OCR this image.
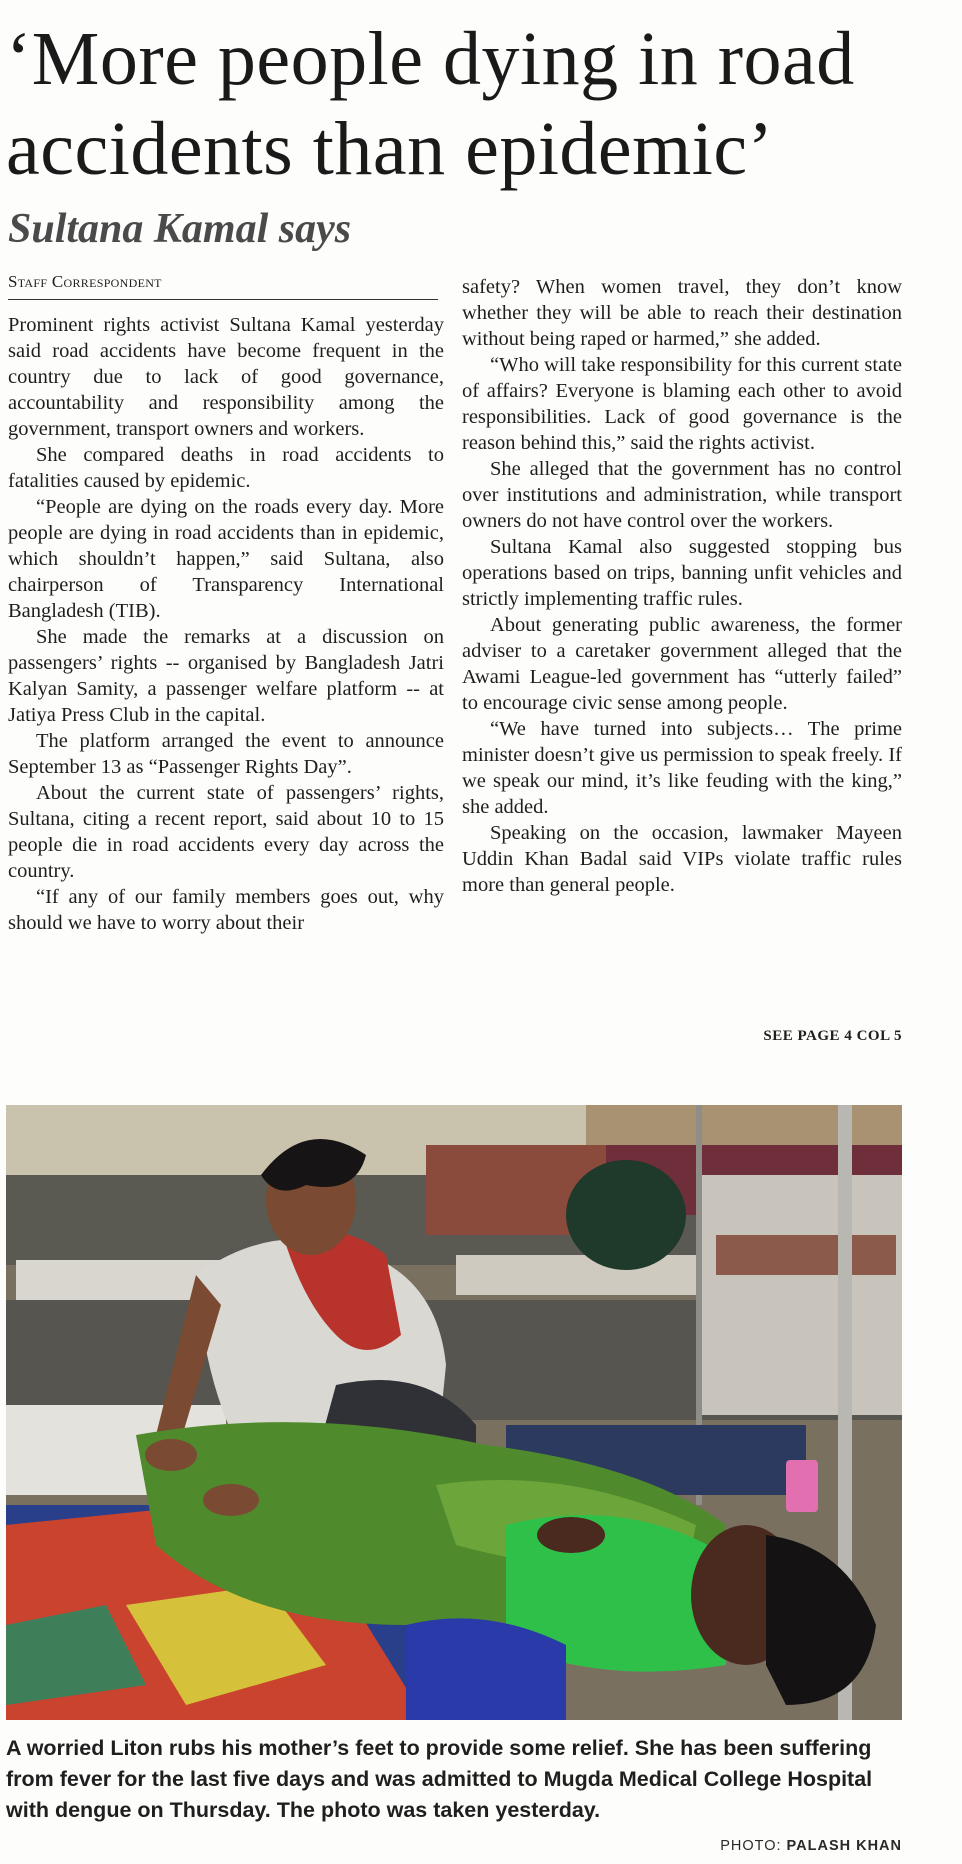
‘More people dying in road
accidents than epidemic’
Sultana Kamal says
Staff Correspondent

Prominent rights activist Sultana Kamal yesterday said road accidents have become frequent in the country due to lack of good governance, accountability and responsibility among the government, transport owners and workers.

She compared deaths in road accidents to fatalities caused by epidemic.

“People are dying on the roads every day. More people are dying in road accidents than in epidemic, which shouldn’t happen,” said Sultana, also chairperson of Transparency International Bangladesh (TIB).

She made the remarks at a discussion on passengers’ rights -- organised by Bangladesh Jatri Kalyan Samity, a passenger welfare platform -- at Jatiya Press Club in the capital.

The platform arranged the event to announce September 13 as “Passenger Rights Day”.

About the current state of passengers’ rights, Sultana, citing a recent report, said about 10 to 15 people die in road accidents every day across the country.

“If any of our family members goes out, why should we have to worry about their

safety? When women travel, they don’t know whether they will be able to reach their destination without being raped or harmed,” she added.

“Who will take responsibility for this current state of affairs? Everyone is blaming each other to avoid responsibilities. Lack of good governance is the reason behind this,” said the rights activist.

She alleged that the government has no control over institutions and administration, while transport owners do not have control over the workers.

Sultana Kamal also suggested stopping bus operations based on trips, banning unfit vehicles and strictly implementing traffic rules.

About generating public awareness, the former adviser to a caretaker government alleged that the Awami League-led government has “utterly failed” to encourage civic sense among people.

“We have turned into subjects… The prime minister doesn’t give us permission to speak freely. If we speak our mind, it’s like feuding with the king,” she added.

Speaking on the occasion, lawmaker Mayeen Uddin Khan Badal said VIPs violate traffic rules more than general people.

SEE PAGE 4 COL 5

A worried Liton rubs his mother’s feet to provide some relief. She has been suffering from fever for the last five days and was admitted to Mugda Medical College Hospital with dengue on Thursday. The photo was taken yesterday.

PHOTO: PALASH KHAN
